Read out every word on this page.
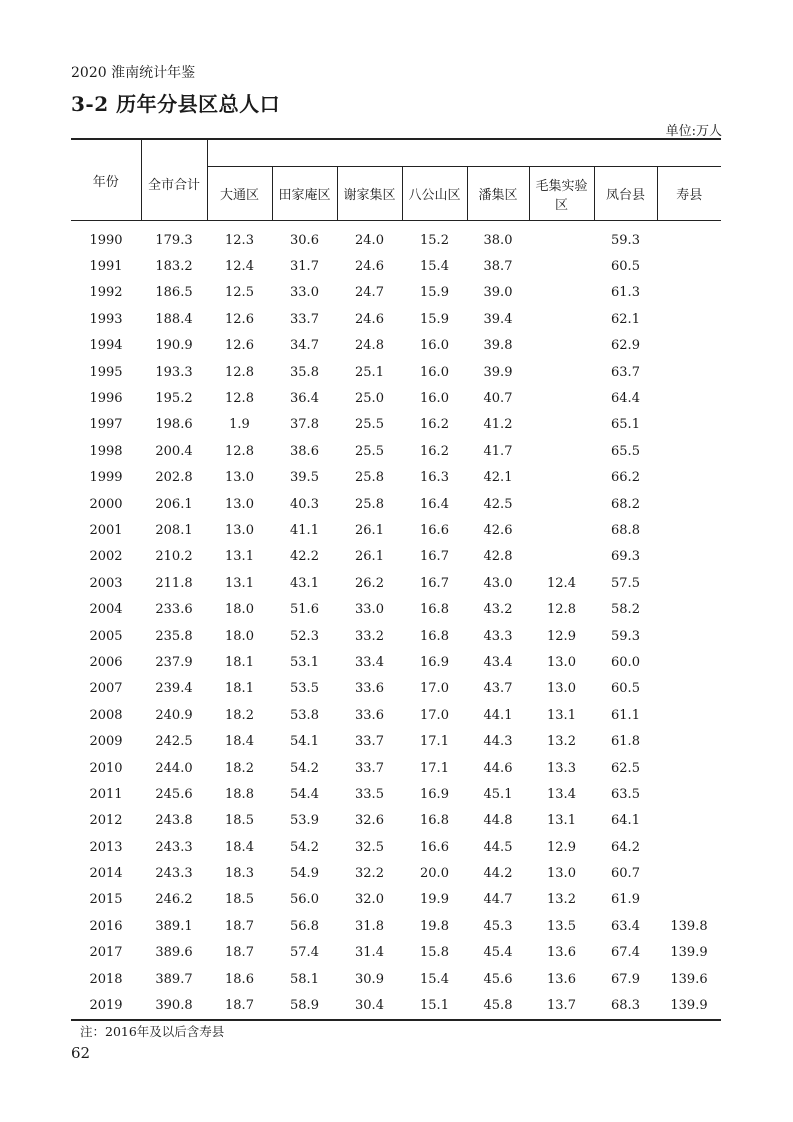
2020 淮南统计年鉴
3-2 历年分县区总人口
单位:万人
年份	全市合计								
		大通区	田家庵区	谢家集区	八公山区	潘集区	毛集实验区	凤台县	寿县
1990	179.3	12.3	30.6	24.0	15.2	38.0		59.3	
1991	183.2	12.4	31.7	24.6	15.4	38.7		60.5	
1992	186.5	12.5	33.0	24.7	15.9	39.0		61.3	
1993	188.4	12.6	33.7	24.6	15.9	39.4		62.1	
1994	190.9	12.6	34.7	24.8	16.0	39.8		62.9	
1995	193.3	12.8	35.8	25.1	16.0	39.9		63.7	
1996	195.2	12.8	36.4	25.0	16.0	40.7		64.4	
1997	198.6	1.9	37.8	25.5	16.2	41.2		65.1	
1998	200.4	12.8	38.6	25.5	16.2	41.7		65.5	
1999	202.8	13.0	39.5	25.8	16.3	42.1		66.2	
2000	206.1	13.0	40.3	25.8	16.4	42.5		68.2	
2001	208.1	13.0	41.1	26.1	16.6	42.6		68.8	
2002	210.2	13.1	42.2	26.1	16.7	42.8		69.3	
2003	211.8	13.1	43.1	26.2	16.7	43.0	12.4	57.5	
2004	233.6	18.0	51.6	33.0	16.8	43.2	12.8	58.2	
2005	235.8	18.0	52.3	33.2	16.8	43.3	12.9	59.3	
2006	237.9	18.1	53.1	33.4	16.9	43.4	13.0	60.0	
2007	239.4	18.1	53.5	33.6	17.0	43.7	13.0	60.5	
2008	240.9	18.2	53.8	33.6	17.0	44.1	13.1	61.1	
2009	242.5	18.4	54.1	33.7	17.1	44.3	13.2	61.8	
2010	244.0	18.2	54.2	33.7	17.1	44.6	13.3	62.5	
2011	245.6	18.8	54.4	33.5	16.9	45.1	13.4	63.5	
2012	243.8	18.5	53.9	32.6	16.8	44.8	13.1	64.1	
2013	243.3	18.4	54.2	32.5	16.6	44.5	12.9	64.2	
2014	243.3	18.3	54.9	32.2	20.0	44.2	13.0	60.7	
2015	246.2	18.5	56.0	32.0	19.9	44.7	13.2	61.9	
2016	389.1	18.7	56.8	31.8	19.8	45.3	13.5	63.4	139.8
2017	389.6	18.7	57.4	31.4	15.8	45.4	13.6	67.4	139.9
2018	389.7	18.6	58.1	30.9	15.4	45.6	13.6	67.9	139.6
2019	390.8	18.7	58.9	30.4	15.1	45.8	13.7	68.3	139.9
注：2016年及以后含寿县
62
